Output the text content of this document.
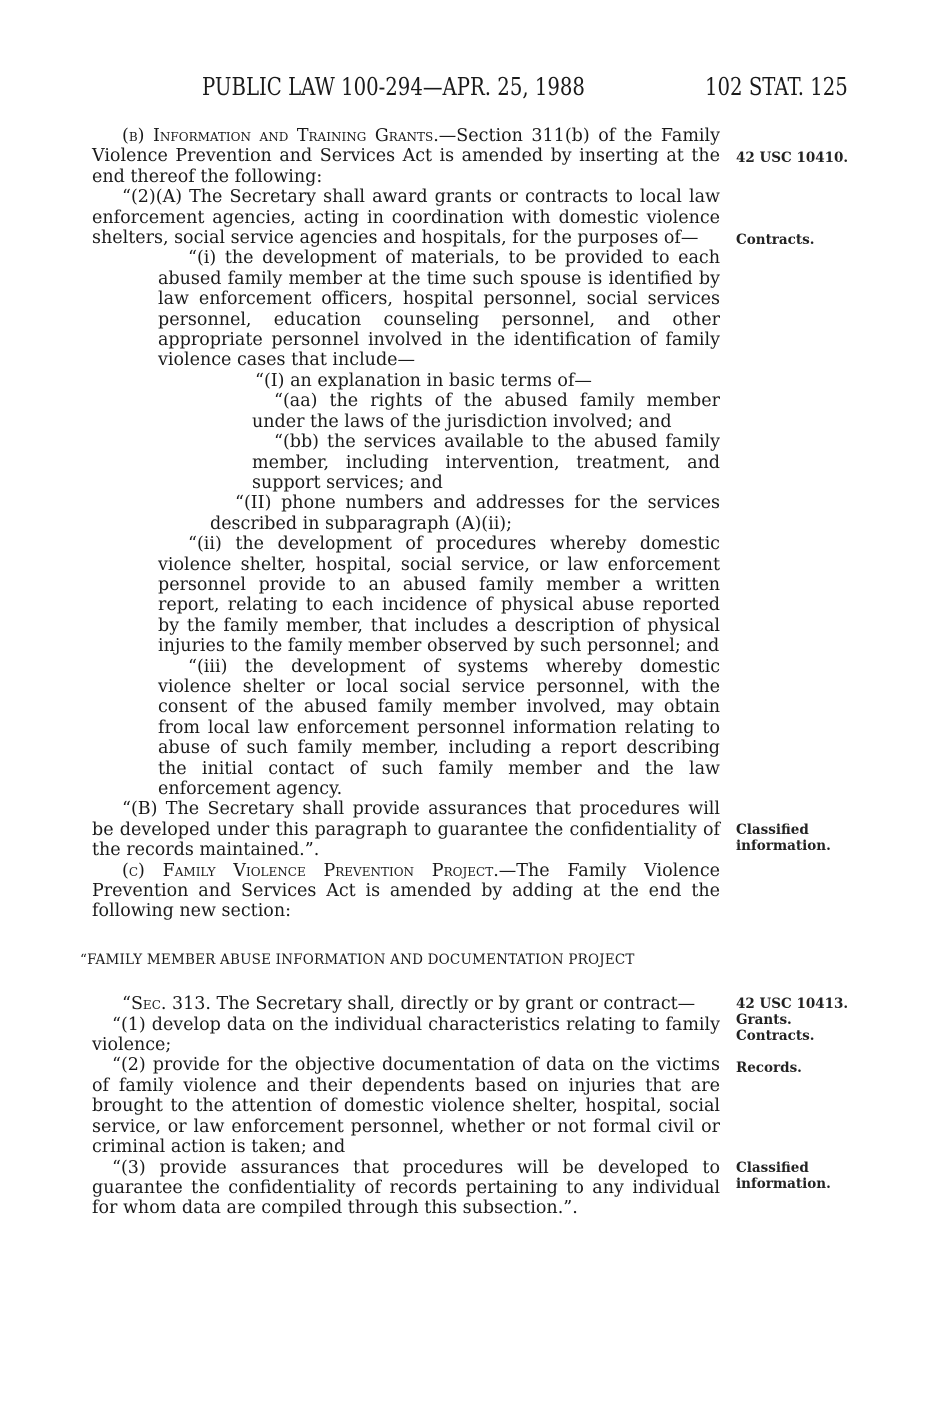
PUBLIC LAW 100-294—APR. 25, 1988	102 STAT. 125

(b) Information and Training Grants.—Section 311(b) of the Family Violence Prevention and Services Act is amended by inserting at the end thereof the following:

“(2)(A) The Secretary shall award grants or contracts to local law enforcement agencies, acting in coordination with domestic violence shelters, social service agencies and hospitals, for the purposes of—

“(i) the development of materials, to be provided to each abused family member at the time such spouse is identified by law enforcement officers, hospital personnel, social services personnel, education counseling personnel, and other appropriate personnel involved in the identification of family violence cases that include—

“(I) an explanation in basic terms of—

“(aa) the rights of the abused family member under the laws of the jurisdiction involved; and

“(bb) the services available to the abused family member, including intervention, treatment, and support services; and

“(II) phone numbers and addresses for the services described in subparagraph (A)(ii);

“(ii) the development of procedures whereby domestic violence shelter, hospital, social service, or law enforcement personnel provide to an abused family member a written report, relating to each incidence of physical abuse reported by the family member, that includes a description of physical injuries to the family member observed by such personnel; and

“(iii) the development of systems whereby domestic violence shelter or local social service personnel, with the consent of the abused family member involved, may obtain from local law enforcement personnel information relating to abuse of such family member, including a report describing the initial contact of such family member and the law enforcement agency.

“(B) The Secretary shall provide assurances that procedures will be developed under this paragraph to guarantee the confidentiality of the records maintained.”.

(c) Family Violence Prevention Project.—The Family Violence Prevention and Services Act is amended by adding at the end the following new section:

“FAMILY MEMBER ABUSE INFORMATION AND DOCUMENTATION PROJECT

“Sec. 313. The Secretary shall, directly or by grant or contract—

“(1) develop data on the individual characteristics relating to family violence;

“(2) provide for the objective documentation of data on the victims of family violence and their dependents based on injuries that are brought to the attention of domestic violence shelter, hospital, social service, or law enforcement personnel, whether or not formal civil or criminal action is taken; and

“(3) provide assurances that procedures will be developed to guarantee the confidentiality of records pertaining to any individual for whom data are compiled through this subsection.”.

42 USC 10410.
Contracts.
Classified
information.
42 USC 10413.
Grants.
Contracts.
Records.
Classified
information.
